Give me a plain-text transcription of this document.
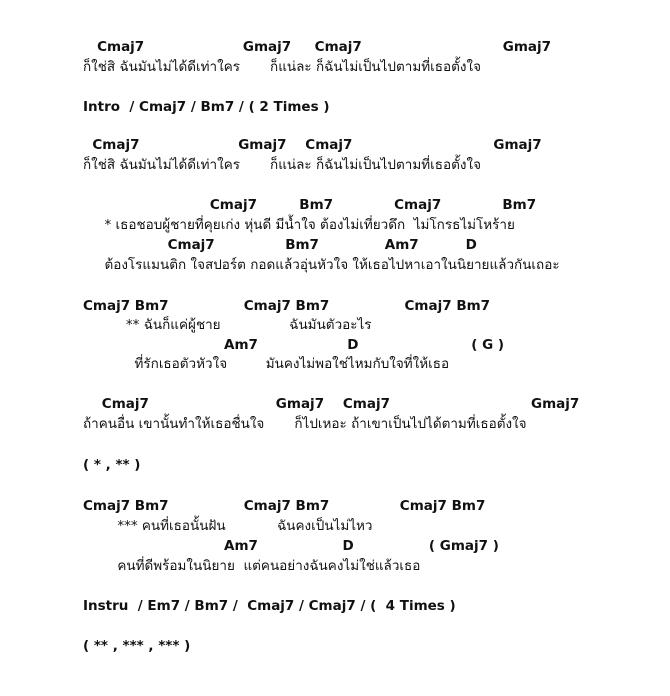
Cmaj7                     Gmaj7     Cmaj7                              Gmaj7
ก็ใช่สิ ฉันมันไม่ได้ดีเท่าใคร       ก็แน่ละ ก็ฉันไม่เป็นไปตามที่เธอตั้งใจ
Intro  / Cmaj7 / Bm7 / ( 2 Times )
Cmaj7                     Gmaj7    Cmaj7                              Gmaj7
ก็ใช่สิ ฉันมันไม่ได้ดีเท่าใคร       ก็แน่ละ ก็ฉันไม่เป็นไปตามที่เธอตั้งใจ
Cmaj7         Bm7             Cmaj7             Bm7
* เธอชอบผู้ชายที่คุยเก่ง หุ่นดี มีน้ำใจ ต้องไม่เที่ยวดึก  ไม่โกรธไม่โหร้าย
Cmaj7               Bm7              Am7          D
ต้องโรแมนติก ใจสปอร์ต กอดแล้วอุ่นหัวใจ ให้เธอไปหาเอาในนิยายแล้วกันเถอะ
Cmaj7 Bm7                Cmaj7 Bm7                Cmaj7 Bm7
** ฉันก็แค่ผู้ชาย                ฉันมันตัวอะไร
Am7                   D                        ( G )
ที่รักเธอตัวหัวใจ         มันคงไม่พอใช่ไหมกับใจที่ให้เธอ
Cmaj7                           Gmaj7    Cmaj7                              Gmaj7
ถ้าคนอื่น เขานั้นทำให้เธอชื่นใจ       ก็ไปเหอะ ถ้าเขาเป็นไปได้ตามที่เธอตั้งใจ
( * , ** )
Cmaj7 Bm7                Cmaj7 Bm7               Cmaj7 Bm7
*** คนที่เธอนั้นฝัน            ฉันคงเป็นไม่ไหว
Am7                  D                ( Gmaj7 )
คนที่ดีพร้อมในนิยาย  แต่คนอย่างฉันคงไม่ใช่แล้วเธอ
Instru  / Em7 / Bm7 /  Cmaj7 / Cmaj7 / (  4 Times )
( ** , *** , *** )
